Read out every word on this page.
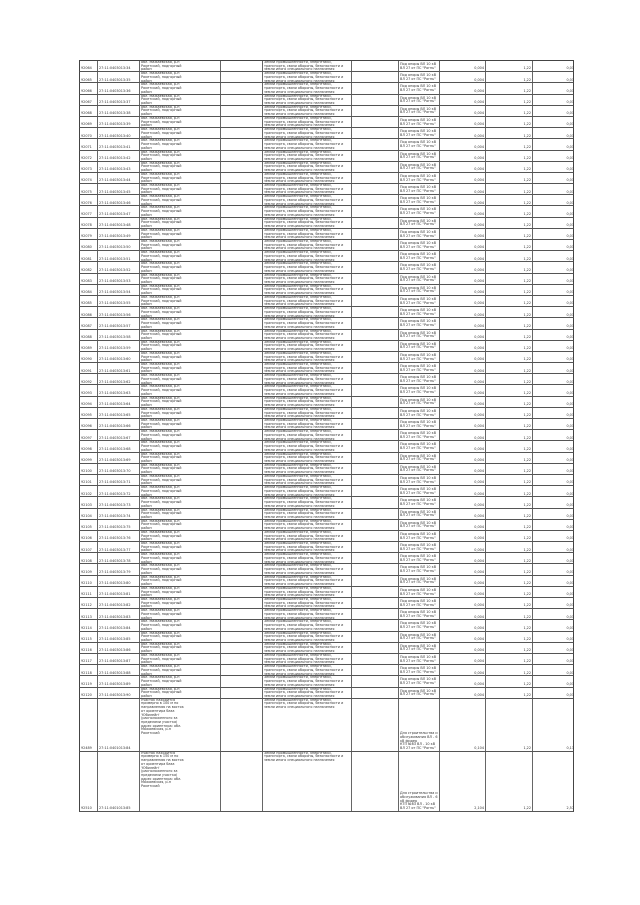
92064 27:11:0403013:34
обл. Мажаевская, р-н
Ракетский, подгорный
район
Земли промышленности, энергетики,
транспорта, связи обороны, безопасности и
земли иного специального назначения
Под опоры ВЛ 10 кВ
ВЛ 27 от ПС "Рогнь"	0,004	1,22	0,01
92065 27:11:0403013:35
обл. Мажаевская, р-н
Ракетский, подгорный
район
Земли промышленности, энергетики,
транспорта, связи обороны, безопасности и
земли иного специального назначения
Под опоры ВЛ 10 кВ
ВЛ 27 от ПС "Рогнь"	0,004	1,22	0,01
92066 27:11:0403013:36
обл. Мажаевская, р-н
Ракетский, подгорный
район
Земли промышленности, энергетики,
транспорта, связи обороны, безопасности и
земли иного специального назначения
Под опоры ВЛ 10 кВ
ВЛ 27 от ПС "Рогнь"	0,004	1,22	0,01
92067 27:11:0403013:37
обл. Мажаевская, р-н
Ракетский, подгорный
район
Земли промышленности, энергетики,
транспорта, связи обороны, безопасности и
земли иного специального назначения
Под опоры ВЛ 10 кВ
ВЛ 27 от ПС "Рогнь"	0,004	1,22	0,01
92068 27:11:0403013:38
обл. Мажаевская, р-н
Ракетский, подгорный
район
Земли промышленности, энергетики,
транспорта, связи обороны, безопасности и
земли иного специального назначения
Под опоры ВЛ 10 кВ
ВЛ 27 от ПС "Рогнь"	0,004	1,22	0,01
92069 27:11:0403013:39
обл. Мажаевская, р-н
Ракетский, подгорный
район
Земли промышленности, энергетики,
транспорта, связи обороны, безопасности и
земли иного специального назначения
Под опоры ВЛ 10 кВ
ВЛ 27 от ПС "Рогнь"	0,004	1,22	0,01
92070 27:11:0403013:40
обл. Мажаевская, р-н
Ракетский, подгорный
район
Земли промышленности, энергетики,
транспорта, связи обороны, безопасности и
земли иного специального назначения
Под опоры ВЛ 10 кВ
ВЛ 27 от ПС "Рогнь"	0,004	1,22	0,01
92071 27:11:0403013:41
обл. Мажаевская, р-н
Ракетский, подгорный
район
Земли промышленности, энергетики,
транспорта, связи обороны, безопасности и
земли иного специального назначения
Под опоры ВЛ 10 кВ
ВЛ 27 от ПС "Рогнь"	0,004	1,22	0,01
92072 27:11:0403013:42
обл. Мажаевская, р-н
Ракетский, подгорный
район
Земли промышленности, энергетики,
транспорта, связи обороны, безопасности и
земли иного специального назначения
Под опоры ВЛ 10 кВ
ВЛ 27 от ПС "Рогнь"	0,004	1,22	0,01
92073 27:11:0403013:43
обл. Мажаевская, р-н
Ракетский, подгорный
район
Земли промышленности, энергетики,
транспорта, связи обороны, безопасности и
земли иного специального назначения
Под опоры ВЛ 10 кВ
ВЛ 27 от ПС "Рогнь"	0,004	1,22	0,01
92074 27:11:0403013:44
обл. Мажаевская, р-н
Ракетский, подгорный
район
Земли промышленности, энергетики,
транспорта, связи обороны, безопасности и
земли иного специального назначения
Под опоры ВЛ 10 кВ
ВЛ 27 от ПС "Рогнь"	0,004	1,22	0,01
92075 27:11:0403013:45
обл. Мажаевская, р-н
Ракетский, подгорный
район
Земли промышленности, энергетики,
транспорта, связи обороны, безопасности и
земли иного специального назначения
Под опоры ВЛ 10 кВ
ВЛ 27 от ПС "Рогнь"	0,004	1,22	0,01
92076 27:11:0403013:46
обл. Мажаевская, р-н
Ракетский, подгорный
район
Земли промышленности, энергетики,
транспорта, связи обороны, безопасности и
земли иного специального назначения
Под опоры ВЛ 10 кВ
ВЛ 27 от ПС "Рогнь"	0,004	1,22	0,01
92077 27:11:0403013:47
обл. Мажаевская, р-н
Ракетский, подгорный
район
Земли промышленности, энергетики,
транспорта, связи обороны, безопасности и
земли иного специального назначения
Под опоры ВЛ 10 кВ
ВЛ 27 от ПС "Рогнь"	0,004	1,22	0,01
92078 27:11:0403013:48
обл. Мажаевская, р-н
Ракетский, подгорный
район
Земли промышленности, энергетики,
транспорта, связи обороны, безопасности и
земли иного специального назначения
Под опоры ВЛ 10 кВ
ВЛ 27 от ПС "Рогнь"	0,004	1,22	0,01
92079 27:11:0403013:49
обл. Мажаевская, р-н
Ракетский, подгорный
район
Земли промышленности, энергетики,
транспорта, связи обороны, безопасности и
земли иного специального назначения
Под опоры ВЛ 10 кВ
ВЛ 27 от ПС "Рогнь"	0,004	1,22	0,01
92080 27:11:0403013:50
обл. Мажаевская, р-н
Ракетский, подгорный
район
Земли промышленности, энергетики,
транспорта, связи обороны, безопасности и
земли иного специального назначения
Под опоры ВЛ 10 кВ
ВЛ 27 от ПС "Рогнь"	0,004	1,22	0,01
92081 27:11:0403013:51
обл. Мажаевская, р-н
Ракетский, подгорный
район
Земли промышленности, энергетики,
транспорта, связи обороны, безопасности и
земли иного специального назначения
Под опоры ВЛ 10 кВ
ВЛ 27 от ПС "Рогнь"	0,004	1,22	0,01
92082 27:11:0403013:52
обл. Мажаевская, р-н
Ракетский, подгорный
район
Земли промышленности, энергетики,
транспорта, связи обороны, безопасности и
земли иного специального назначения
Под опоры ВЛ 10 кВ
ВЛ 27 от ПС "Рогнь"	0,004	1,22	0,01
92083 27:11:0403013:53
обл. Мажаевская, р-н
Ракетский, подгорный
район
Земли промышленности, энергетики,
транспорта, связи обороны, безопасности и
земли иного специального назначения
Под опоры ВЛ 10 кВ
ВЛ 27 от ПС "Рогнь"	0,004	1,22	0,01
92084 27:11:0403013:54
обл. Мажаевская, р-н
Ракетский, подгорный
район
Земли промышленности, энергетики,
транспорта, связи обороны, безопасности и
земли иного специального назначения
Под опоры ВЛ 10 кВ
ВЛ 27 от ПС "Рогнь"	0,004	1,22	0,01
92085 27:11:0403013:55
обл. Мажаевская, р-н
Ракетский, подгорный
район
Земли промышленности, энергетики,
транспорта, связи обороны, безопасности и
земли иного специального назначения
Под опоры ВЛ 10 кВ
ВЛ 27 от ПС "Рогнь"	0,004	1,22	0,01
92086 27:11:0403013:56
обл. Мажаевская, р-н
Ракетский, подгорный
район
Земли промышленности, энергетики,
транспорта, связи обороны, безопасности и
земли иного специального назначения
Под опоры ВЛ 10 кВ
ВЛ 27 от ПС "Рогнь"	0,004	1,22	0,01
92087 27:11:0403013:57
обл. Мажаевская, р-н
Ракетский, подгорный
район
Земли промышленности, энергетики,
транспорта, связи обороны, безопасности и
земли иного специального назначения
Под опоры ВЛ 10 кВ
ВЛ 27 от ПС "Рогнь"	0,004	1,22	0,01
92088 27:11:0403013:58
обл. Мажаевская, р-н
Ракетский, подгорный
район
Земли промышленности, энергетики,
транспорта, связи обороны, безопасности и
земли иного специального назначения
Под опоры ВЛ 10 кВ
ВЛ 27 от ПС "Рогнь"	0,004	1,22	0,01
92089 27:11:0403013:59
обл. Мажаевская, р-н
Ракетский, подгорный
район
Земли промышленности, энергетики,
транспорта, связи обороны, безопасности и
земли иного специального назначения
Под опоры ВЛ 10 кВ
ВЛ 27 от ПС "Рогнь"	0,004	1,22	0,01
92090 27:11:0403013:60
обл. Мажаевская, р-н
Ракетский, подгорный
район
Земли промышленности, энергетики,
транспорта, связи обороны, безопасности и
земли иного специального назначения
Под опоры ВЛ 10 кВ
ВЛ 27 от ПС "Рогнь"	0,004	1,22	0,01
92091 27:11:0403013:61
обл. Мажаевская, р-н
Ракетский, подгорный
район
Земли промышленности, энергетики,
транспорта, связи обороны, безопасности и
земли иного специального назначения
Под опоры ВЛ 10 кВ
ВЛ 27 от ПС "Рогнь"	0,004	1,22	0,01
92092 27:11:0403013:62
обл. Мажаевская, р-н
Ракетский, подгорный
район
Земли промышленности, энергетики,
транспорта, связи обороны, безопасности и
земли иного специального назначения
Под опоры ВЛ 10 кВ
ВЛ 27 от ПС "Рогнь"	0,004	1,22	0,01
92093 27:11:0403013:63
обл. Мажаевская, р-н
Ракетский, подгорный
район
Земли промышленности, энергетики,
транспорта, связи обороны, безопасности и
земли иного специального назначения
Под опоры ВЛ 10 кВ
ВЛ 27 от ПС "Рогнь"	0,004	1,22	0,01
92094 27:11:0403013:64
обл. Мажаевская, р-н
Ракетский, подгорный
район
Земли промышленности, энергетики,
транспорта, связи обороны, безопасности и
земли иного специального назначения
Под опоры ВЛ 10 кВ
ВЛ 27 от ПС "Рогнь"	0,004	1,22	0,01
92095 27:11:0403013:65
обл. Мажаевская, р-н
Ракетский, подгорный
район
Земли промышленности, энергетики,
транспорта, связи обороны, безопасности и
земли иного специального назначения
Под опоры ВЛ 10 кВ
ВЛ 27 от ПС "Рогнь"	0,004	1,22	0,01
92096 27:11:0403013:66
обл. Мажаевская, р-н
Ракетский, подгорный
район
Земли промышленности, энергетики,
транспорта, связи обороны, безопасности и
земли иного специального назначения
Под опоры ВЛ 10 кВ
ВЛ 27 от ПС "Рогнь"	0,004	1,22	0,01
92097 27:11:0403013:67
обл. Мажаевская, р-н
Ракетский, подгорный
район
Земли промышленности, энергетики,
транспорта, связи обороны, безопасности и
земли иного специального назначения
Под опоры ВЛ 10 кВ
ВЛ 27 от ПС "Рогнь"	0,004	1,22	0,01
92098 27:11:0403013:68
обл. Мажаевская, р-н
Ракетский, подгорный
район
Земли промышленности, энергетики,
транспорта, связи обороны, безопасности и
земли иного специального назначения
Под опоры ВЛ 10 кВ
ВЛ 27 от ПС "Рогнь"	0,004	1,22	0,01
92099 27:11:0403013:69
обл. Мажаевская, р-н
Ракетский, подгорный
район
Земли промышленности, энергетики,
транспорта, связи обороны, безопасности и
земли иного специального назначения
Под опоры ВЛ 10 кВ
ВЛ 27 от ПС "Рогнь"	0,004	1,22	0,01
92100 27:11:0403013:70
обл. Мажаевская, р-н
Ракетский, подгорный
район
Земли промышленности, энергетики,
транспорта, связи обороны, безопасности и
земли иного специального назначения
Под опоры ВЛ 10 кВ
ВЛ 27 от ПС "Рогнь"	0,004	1,22	0,01
92101 27:11:0403013:71
обл. Мажаевская, р-н
Ракетский, подгорный
район
Земли промышленности, энергетики,
транспорта, связи обороны, безопасности и
земли иного специального назначения
Под опоры ВЛ 10 кВ
ВЛ 27 от ПС "Рогнь"	0,004	1,22	0,01
92102 27:11:0403013:72
обл. Мажаевская, р-н
Ракетский, подгорный
район
Земли промышленности, энергетики,
транспорта, связи обороны, безопасности и
земли иного специального назначения
Под опоры ВЛ 10 кВ
ВЛ 27 от ПС "Рогнь"	0,004	1,22	0,01
92103 27:11:0403013:73
обл. Мажаевская, р-н
Ракетский, подгорный
район
Земли промышленности, энергетики,
транспорта, связи обороны, безопасности и
земли иного специального назначения
Под опоры ВЛ 10 кВ
ВЛ 27 от ПС "Рогнь"	0,004	1,22	0,01
92104 27:11:0403013:74
обл. Мажаевская, р-н
Ракетский, подгорный
район
Земли промышленности, энергетики,
транспорта, связи обороны, безопасности и
земли иного специального назначения
Под опоры ВЛ 10 кВ
ВЛ 27 от ПС "Рогнь"	0,004	1,22	0,01
92105 27:11:0403013:75
обл. Мажаевская, р-н
Ракетский, подгорный
район
Земли промышленности, энергетики,
транспорта, связи обороны, безопасности и
земли иного специального назначения
Под опоры ВЛ 10 кВ
ВЛ 27 от ПС "Рогнь"	0,004	1,22	0,01
92106 27:11:0403013:76
обл. Мажаевская, р-н
Ракетский, подгорный
район
Земли промышленности, энергетики,
транспорта, связи обороны, безопасности и
земли иного специального назначения
Под опоры ВЛ 10 кВ
ВЛ 27 от ПС "Рогнь"	0,004	1,22	0,01
92107 27:11:0403013:77
обл. Мажаевская, р-н
Ракетский, подгорный
район
Земли промышленности, энергетики,
транспорта, связи обороны, безопасности и
земли иного специального назначения
Под опоры ВЛ 10 кВ
ВЛ 27 от ПС "Рогнь"	0,004	1,22	0,01
92108 27:11:0403013:78
обл. Мажаевская, р-н
Ракетский, подгорный
район
Земли промышленности, энергетики,
транспорта, связи обороны, безопасности и
земли иного специального назначения
Под опоры ВЛ 10 кВ
ВЛ 27 от ПС "Рогнь"	0,004	1,22	0,01
92109 27:11:0403013:79
обл. Мажаевская, р-н
Ракетский, подгорный
район
Земли промышленности, энергетики,
транспорта, связи обороны, безопасности и
земли иного специального назначения
Под опоры ВЛ 10 кВ
ВЛ 27 от ПС "Рогнь"	0,004	1,22	0,01
92110 27:11:0403013:80
обл. Мажаевская, р-н
Ракетский, подгорный
район
Земли промышленности, энергетики,
транспорта, связи обороны, безопасности и
земли иного специального назначения
Под опоры ВЛ 10 кВ
ВЛ 27 от ПС "Рогнь"	0,004	1,22	0,01
92111 27:11:0403013:81
обл. Мажаевская, р-н
Ракетский, подгорный
район
Земли промышленности, энергетики,
транспорта, связи обороны, безопасности и
земли иного специального назначения
Под опоры ВЛ 10 кВ
ВЛ 27 от ПС "Рогнь"	0,004	1,22	0,01
92112 27:11:0403013:82
обл. Мажаевская, р-н
Ракетский, подгорный
район
Земли промышленности, энергетики,
транспорта, связи обороны, безопасности и
земли иного специального назначения
Под опоры ВЛ 10 кВ
ВЛ 27 от ПС "Рогнь"	0,004	1,22	0,01
92113 27:11:0403013:83
обл. Мажаевская, р-н
Ракетский, подгорный
район
Земли промышленности, энергетики,
транспорта, связи обороны, безопасности и
земли иного специального назначения
Под опоры ВЛ 10 кВ
ВЛ 27 от ПС "Рогнь"	0,004	1,22	0,01
92114 27:11:0403013:84
обл. Мажаевская, р-н
Ракетский, подгорный
район
Земли промышленности, энергетики,
транспорта, связи обороны, безопасности и
земли иного специального назначения
Под опоры ВЛ 10 кВ
ВЛ 27 от ПС "Рогнь"	0,004	1,22	0,01
92115 27:11:0403013:85
обл. Мажаевская, р-н
Ракетский, подгорный
район
Земли промышленности, энергетики,
транспорта, связи обороны, безопасности и
земли иного специального назначения
Под опоры ВЛ 10 кВ
ВЛ 27 от ПС "Рогнь"	0,004	1,22	0,01
92116 27:11:0403013:86
обл. Мажаевская, р-н
Ракетский, подгорный
район
Земли промышленности, энергетики,
транспорта, связи обороны, безопасности и
земли иного специального назначения
Под опоры ВЛ 10 кВ
ВЛ 27 от ПС "Рогнь"	0,004	1,22	0,01
92117 27:11:0403013:87
обл. Мажаевская, р-н
Ракетский, подгорный
район
Земли промышленности, энергетики,
транспорта, связи обороны, безопасности и
земли иного специального назначения
Под опоры ВЛ 10 кВ
ВЛ 27 от ПС "Рогнь"	0,004	1,22	0,01
92118 27:11:0403013:88
обл. Мажаевская, р-н
Ракетский, подгорный
район
Земли промышленности, энергетики,
транспорта, связи обороны, безопасности и
земли иного специального назначения
Под опоры ВЛ 10 кВ
ВЛ 27 от ПС "Рогнь"	0,004	1,22	0,01
92119 27:11:0403013:89
обл. Мажаевская, р-н
Ракетский, подгорный
район
Земли промышленности, энергетики,
транспорта, связи обороны, безопасности и
земли иного специального назначения
Под опоры ВЛ 10 кВ
ВЛ 27 от ПС "Рогнь"	0,004	1,22	0,01
92120 27:11:0403013:90
обл. Мажаевская, р-н
Ракетский, подгорный
район
Земли промышленности, энергетики,
транспорта, связи обороны, безопасности и
земли иного специального назначения
Под опоры ВЛ 10 кВ
ВЛ 27 от ПС "Рогнь"	0,004	1,22	0,01
92489 27:11:0401013:84
Участок находится
примерно в 100 м по
направлению на восток
от ориентира база
'Юбилейн'
(расположенного за
пределами участка)
адрес ориентира: обл.
Мажаевская, р-н
Ракетский
Земли промышленности, энергетики,
транспорта, связи обороны, безопасности и
земли иного специального назначения
Для строительства и
обслуживания ВЛ - 6
кВ фидер
КТП №63 ВЛ - 10 кВ
ВЛ 27 от ПС "Рогнь"	0,104	1,22	0,13
92510 27:11:0401013:85
Участок находится
примерно в 150 м по
направлению на восток
от ориентира база
'Юбилейн'
(расположенного за
пределами участка)
адрес ориентира: обл.
Мажаевская, р-н
Ракетский
Земли промышленности, энергетики,
транспорта, связи обороны, безопасности и
земли иного специального назначения
Для строительства и
обслуживания ВЛ - 6
кВ фидер
КТП №63 ВЛ - 10 кВ
ВЛ 27 от ПС "Рогнь"	2,104	1,22	2,57
